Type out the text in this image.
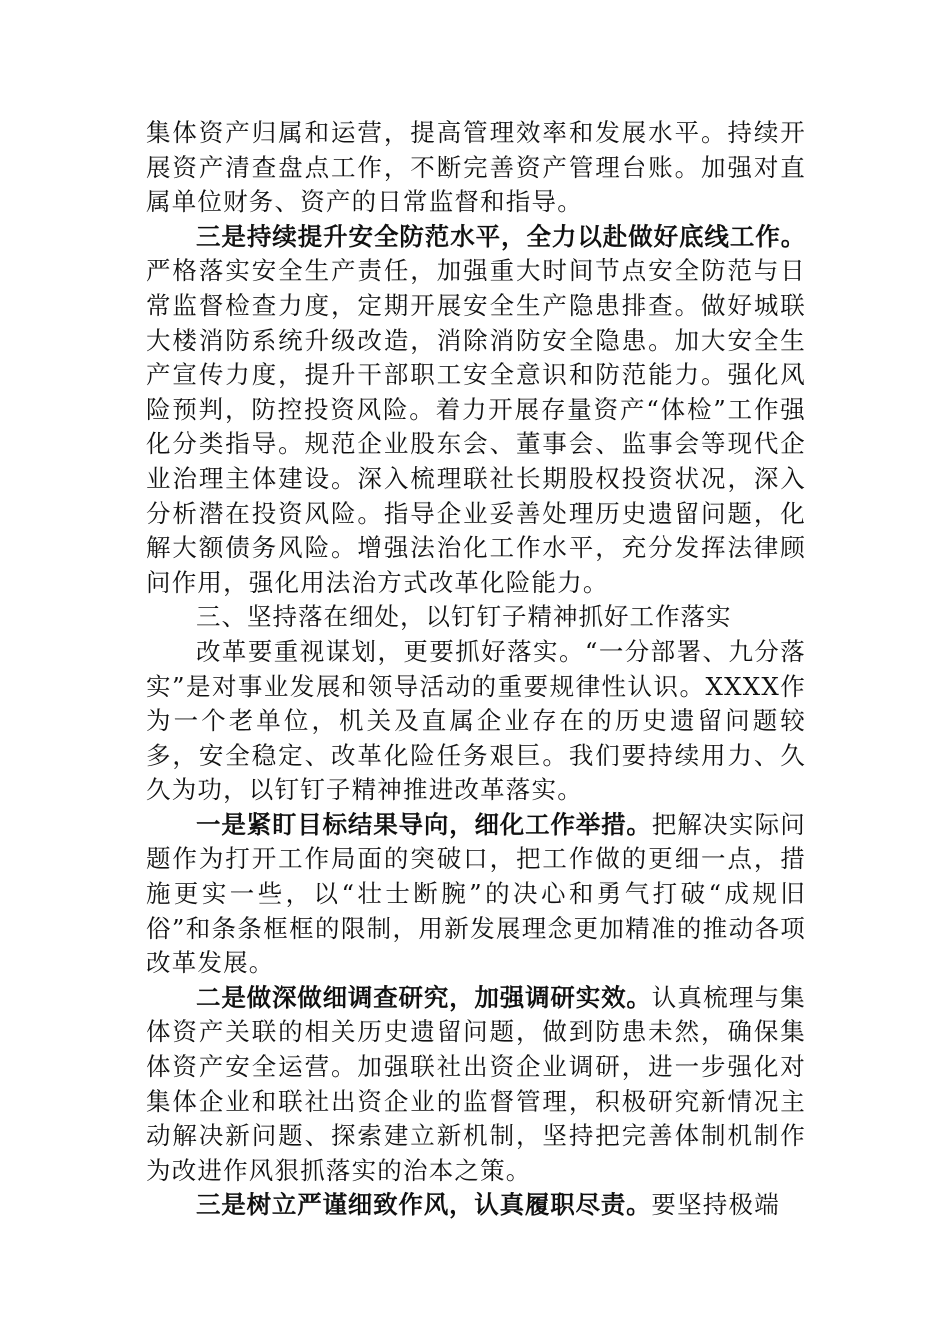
集体资产归属和运营，提高管理效率和发展水平。持续开展资产清查盘点工作，不断完善资产管理台账。加强对直属单位财务、资产的日常监督和指导。

三是持续提升安全防范水平，全力以赴做好底线工作。严格落实安全生产责任，加强重大时间节点安全防范与日常监督检查力度，定期开展安全生产隐患排查。做好城联大楼消防系统升级改造，消除消防安全隐患。加大安全生产宣传力度，提升干部职工安全意识和防范能力。强化风险预判，防控投资风险。着力开展存量资产“体检”工作强化分类指导。规范企业股东会、董事会、监事会等现代企业治理主体建设。深入梳理联社长期股权投资状况，深入分析潜在投资风险。指导企业妥善处理历史遗留问题，化解大额债务风险。增强法治化工作水平，充分发挥法律顾问作用，强化用法治方式改革化险能力。

三、坚持落在细处，以钉钉子精神抓好工作落实

改革要重视谋划，更要抓好落实。“一分部署、九分落实”是对事业发展和领导活动的重要规律性认识。XXXX作为一个老单位，机关及直属企业存在的历史遗留问题较多，安全稳定、改革化险任务艰巨。我们要持续用力、久久为功，以钉钉子精神推进改革落实。

一是紧盯目标结果导向，细化工作举措。把解决实际问题作为打开工作局面的突破口，把工作做的更细一点，措施更实一些，以“壮士断腕”的决心和勇气打破“成规旧俗”和条条框框的限制，用新发展理念更加精准的推动各项改革发展。

二是做深做细调查研究，加强调研实效。认真梳理与集体资产关联的相关历史遗留问题，做到防患未然，确保集体资产安全运营。加强联社出资企业调研，进一步强化对集体企业和联社出资企业的监督管理，积极研究新情况主动解决新问题、探索建立新机制，坚持把完善体制机制作为改进作风狠抓落实的治本之策。

三是树立严谨细致作风，认真履职尽责。要坚持极端
